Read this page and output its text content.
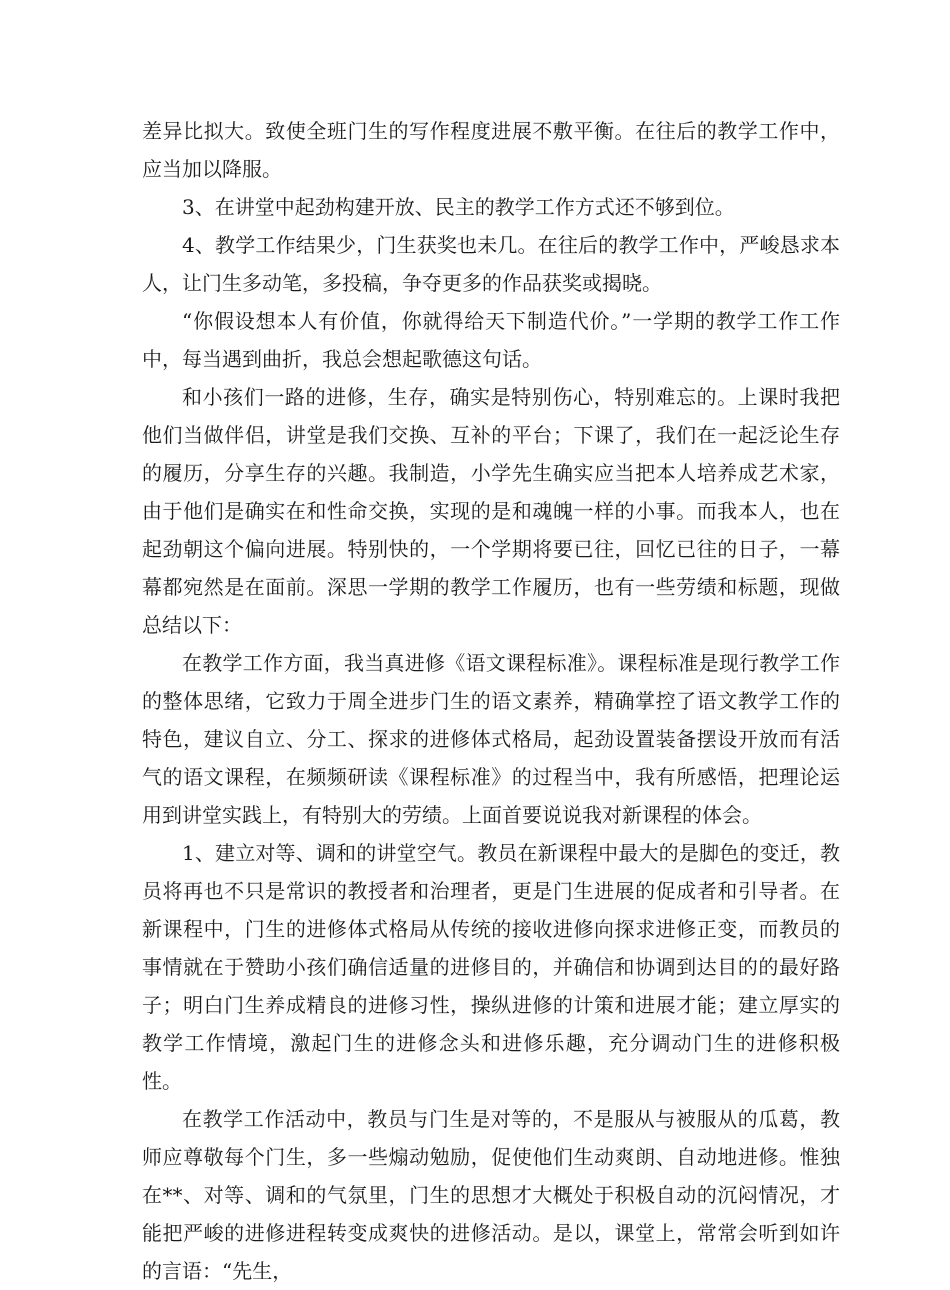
差异比拟大。致使全班门生的写作程度进展不敷平衡。在往后的教学工作中，应当加以降服。

3、在讲堂中起劲构建开放、民主的教学工作方式还不够到位。

4、教学工作结果少，门生获奖也未几。在往后的教学工作中，严峻恳求本人，让门生多动笔，多投稿，争夺更多的作品获奖或揭晓。

“你假设想本人有价值，你就得给天下制造代价。”一学期的教学工作工作中，每当遇到曲折，我总会想起歌德这句话。

和小孩们一路的进修，生存，确实是特别伤心，特别难忘的。上课时我把他们当做伴侣，讲堂是我们交换、互补的平台；下课了，我们在一起泛论生存的履历，分享生存的兴趣。我制造，小学先生确实应当把本人培养成艺术家，由于他们是确实在和性命交换，实现的是和魂魄一样的小事。而我本人，也在起劲朝这个偏向进展。特别快的，一个学期将要已往，回忆已往的日子，一幕幕都宛然是在面前。深思一学期的教学工作履历，也有一些劳绩和标题，现做总结以下：

在教学工作方面，我当真进修《语文课程标准》。课程标准是现行教学工作的整体思绪，它致力于周全进步门生的语文素养，精确掌控了语文教学工作的特色，建议自立、分工、探求的进修体式格局，起劲设置装备摆设开放而有活气的语文课程，在频频研读《课程标准》的过程当中，我有所感悟，把理论运用到讲堂实践上，有特别大的劳绩。上面首要说说我对新课程的体会。

1、建立对等、调和的讲堂空气。教员在新课程中最大的是脚色的变迁，教员将再也不只是常识的教授者和治理者，更是门生进展的促成者和引导者。在新课程中，门生的进修体式格局从传统的接收进修向探求进修正变，而教员的事情就在于赞助小孩们确信适量的进修目的，并确信和协调到达目的的最好路子；明白门生养成精良的进修习性，操纵进修的计策和进展才能；建立厚实的教学工作情境，激起门生的进修念头和进修乐趣，充分调动门生的进修积极性。

在教学工作活动中，教员与门生是对等的，不是服从与被服从的瓜葛，教师应尊敬每个门生，多一些煽动勉励，促使他们生动爽朗、自动地进修。惟独在**、对等、调和的气氛里，门生的思想才大概处于积极自动的沉闷情况，才能把严峻的进修进程转变成爽快的进修活动。是以，课堂上，常常会听到如许的言语：“先生，
